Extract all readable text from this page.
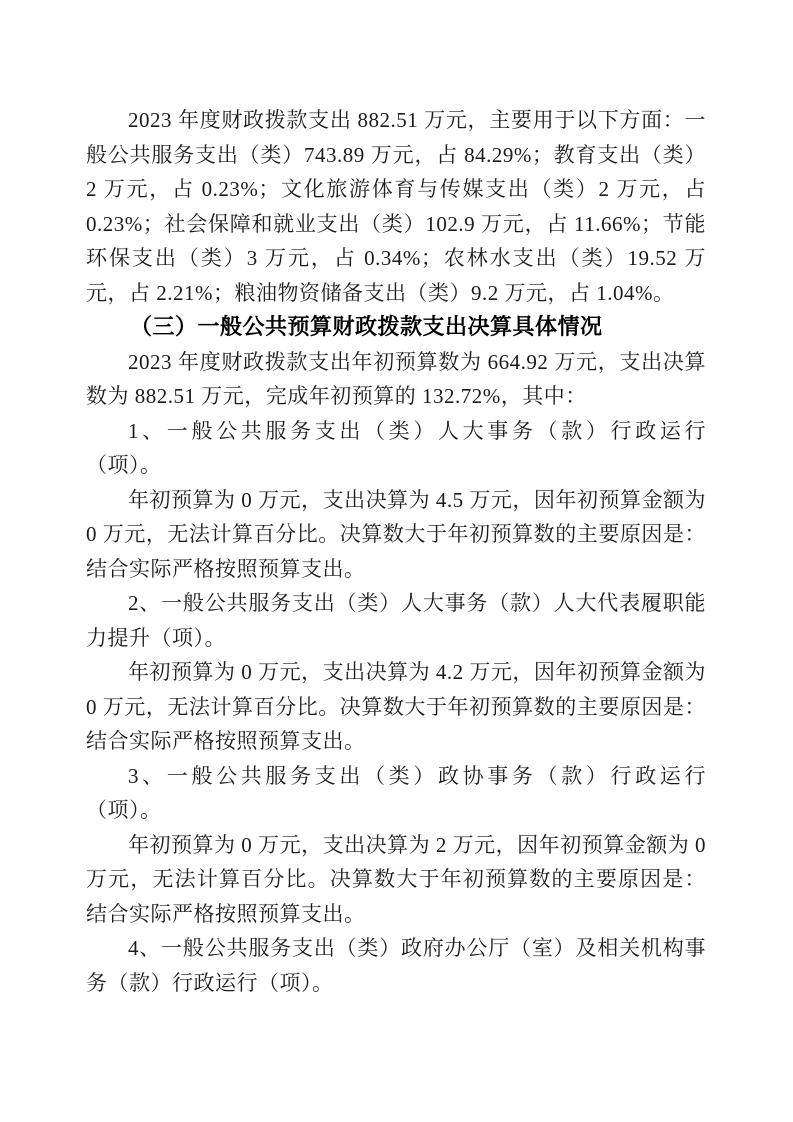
2023 年度财政拨款支出 882.51 万元，主要用于以下方面：一般公共服务支出（类）743.89 万元，占 84.29%；教育支出（类）2 万元，占 0.23%；文化旅游体育与传媒支出（类）2 万元，占 0.23%；社会保障和就业支出（类）102.9 万元，占 11.66%；节能环保支出（类）3 万元，占 0.34%；农林水支出（类）19.52 万元，占 2.21%；粮油物资储备支出（类）9.2 万元，占 1.04%。

（三）一般公共预算财政拨款支出决算具体情况

2023 年度财政拨款支出年初预算数为 664.92 万元，支出决算数为 882.51 万元，完成年初预算的 132.72%，其中：

1、一般公共服务支出（类）人大事务（款）行政运行（项）。

年初预算为 0 万元，支出决算为 4.5 万元，因年初预算金额为 0 万元，无法计算百分比。决算数大于年初预算数的主要原因是：结合实际严格按照预算支出。

2、一般公共服务支出（类）人大事务（款）人大代表履职能力提升（项）。

年初预算为 0 万元，支出决算为 4.2 万元，因年初预算金额为 0 万元，无法计算百分比。决算数大于年初预算数的主要原因是：结合实际严格按照预算支出。

3、一般公共服务支出（类）政协事务（款）行政运行（项）。

年初预算为 0 万元，支出决算为 2 万元，因年初预算金额为 0 万元，无法计算百分比。决算数大于年初预算数的主要原因是：结合实际严格按照预算支出。

4、一般公共服务支出（类）政府办公厅（室）及相关机构事务（款）行政运行（项）。
